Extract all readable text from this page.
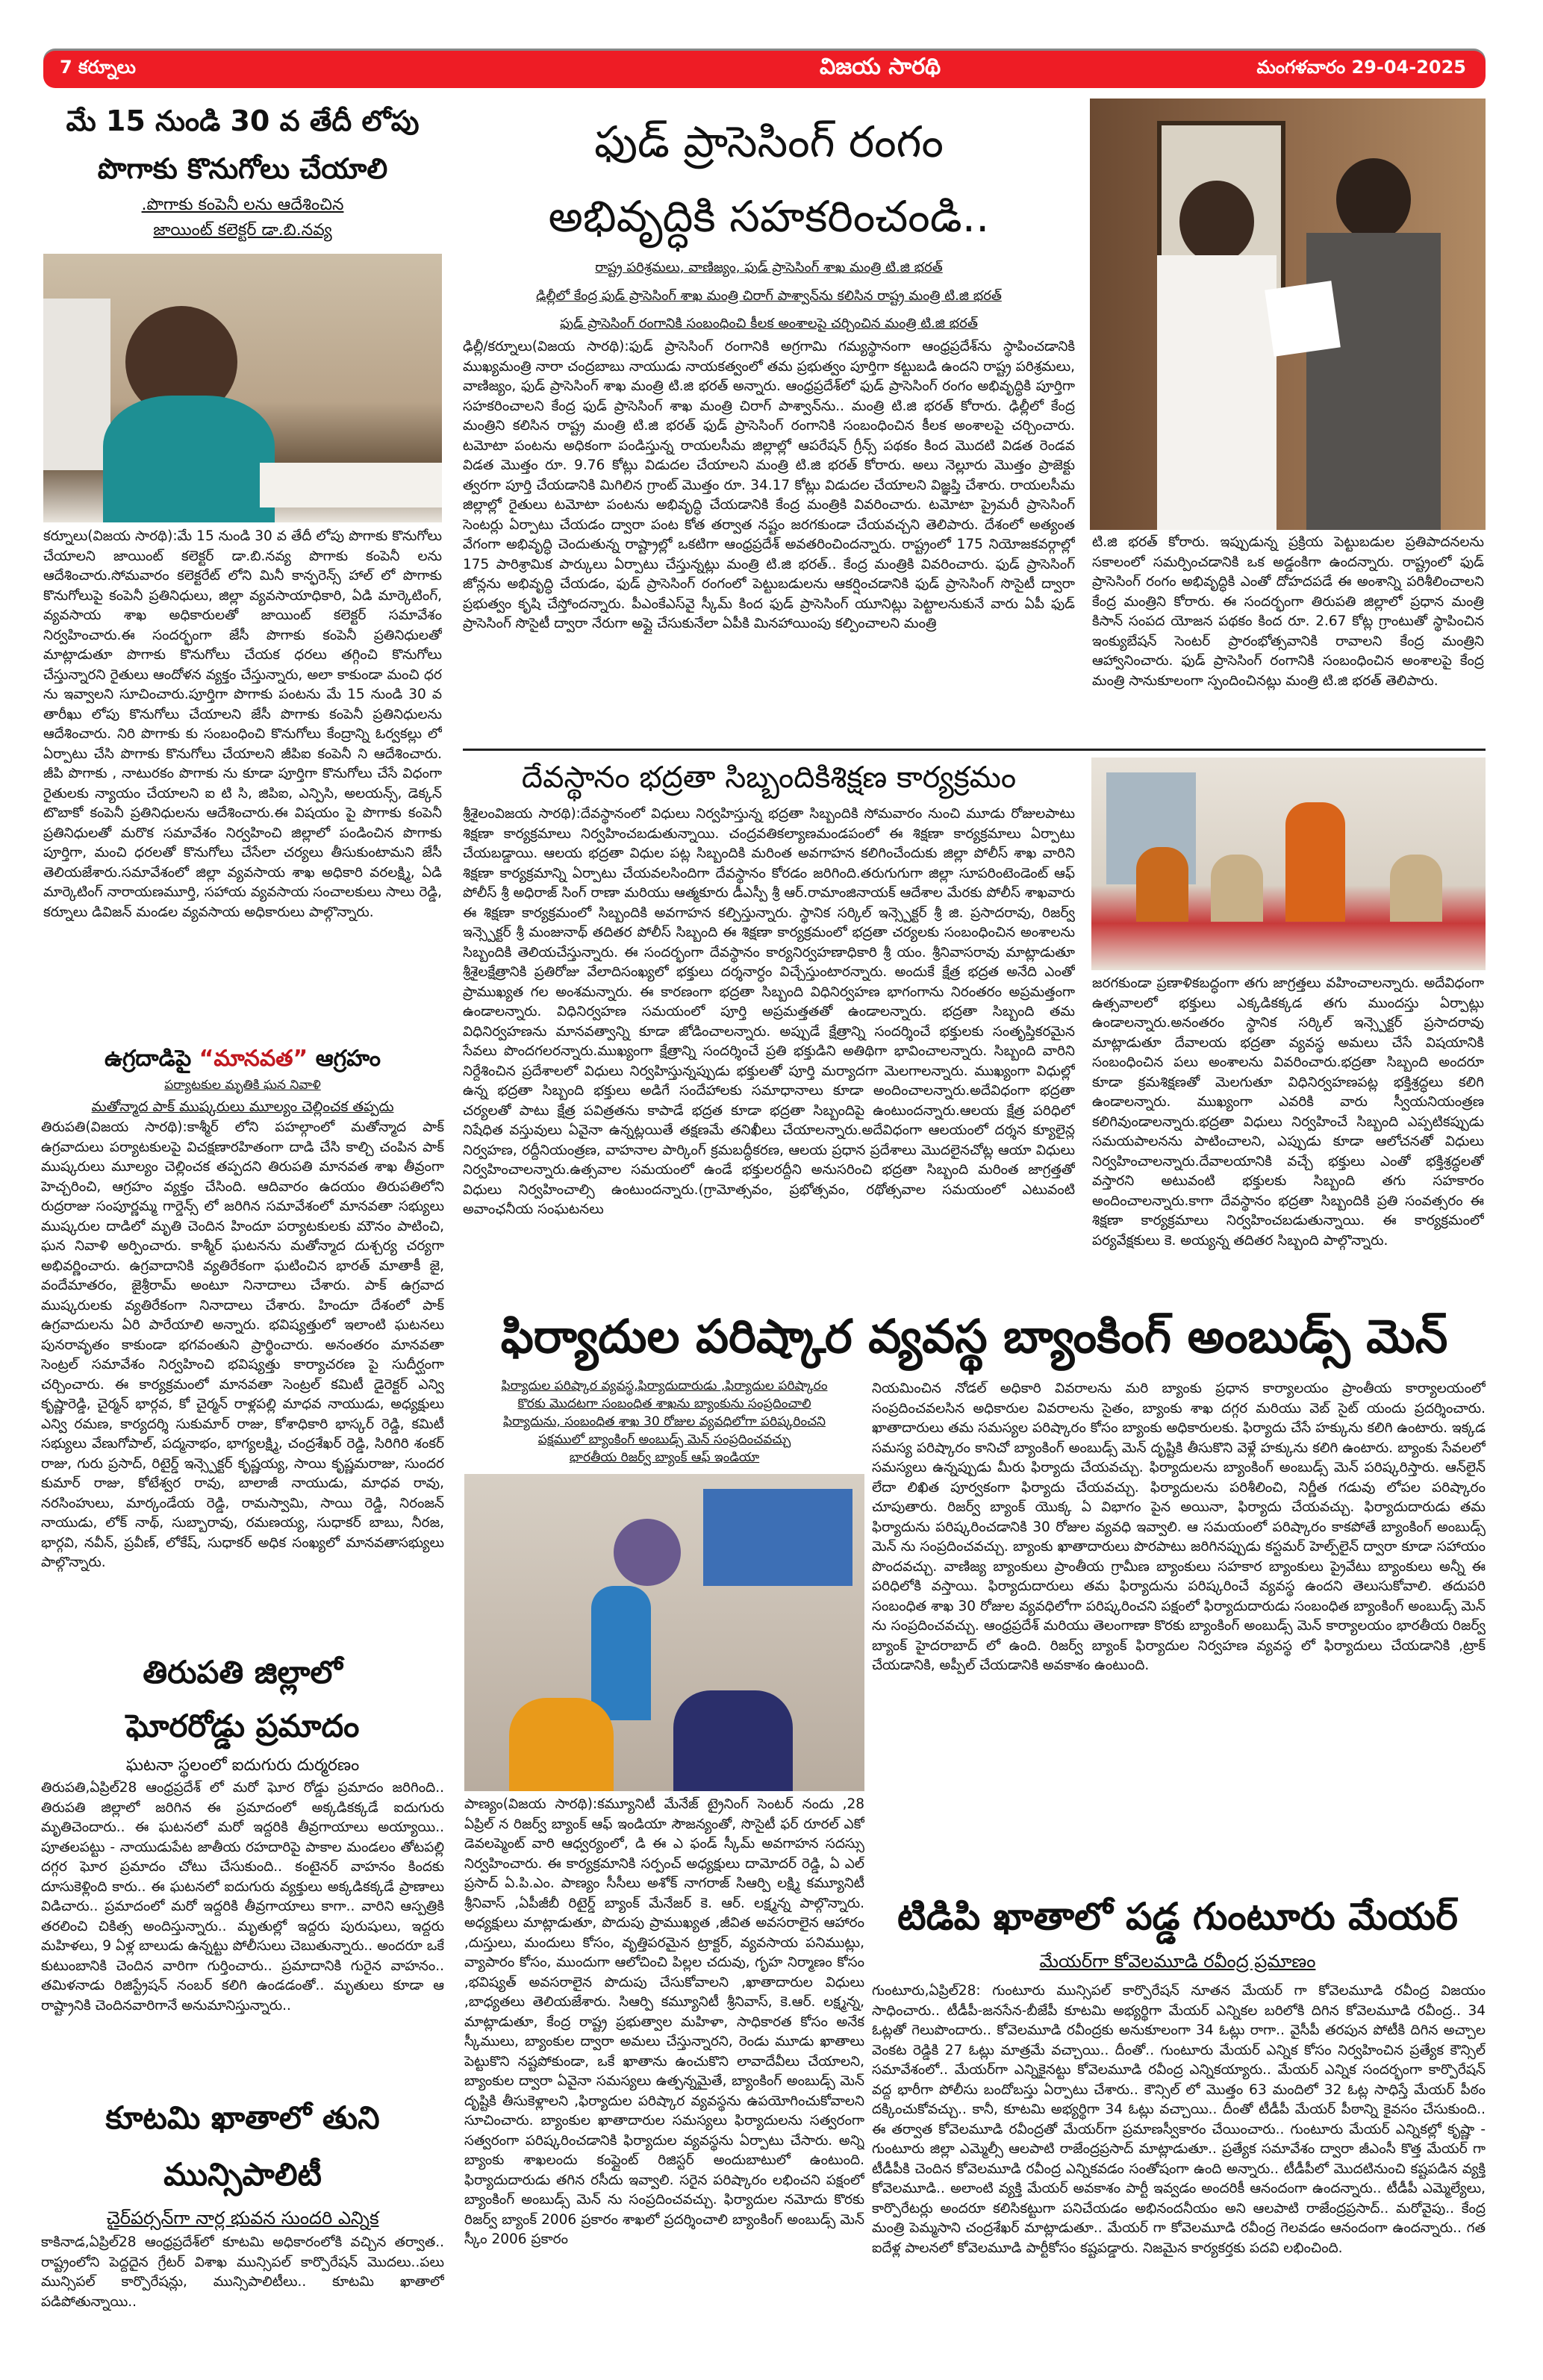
7 కర్నూలు	విజయ సారథి	మంగళవారం 29-04-2025
మే 15 నుండి 30 వ తేదీ లోపు
పొగాకు కొనుగోలు చేయాలి
.పొగాకు కంపెనీ లను ఆదేశించిన
జాయింట్ కలెక్టర్ డా.బి.నవ్య
కర్నూలు(విజయ సారథి):మే 15 నుండి 30 వ తేదీ లోపు పొగాకు కొనుగోలు చేయాలని జాయింట్ కలెక్టర్ డా.బి.నవ్య పొగాకు కంపెనీ లను ఆదేశించారు.సోమవారం కలెక్టరేట్ లోని మినీ కాన్ఫరెన్స్ హాల్ లో పొగాకు కొనుగోలుపై కంపెనీ ప్రతినిధులు, జిల్లా వ్యవసాయాధికారి, ఏడి మార్కెటింగ్, వ్యవసాయ శాఖ అధికారులతో జాయింట్ కలెక్టర్ సమావేశం నిర్వహించారు.ఈ సందర్భంగా జేసీ పొగాకు కంపెనీ ప్రతినిధులతో మాట్లాడుతూ పొగాకు కొనుగోలు చేయక ధరలు తగ్గించి కొనుగోలు చేస్తున్నారని రైతులు ఆందోళన వ్యక్తం చేస్తున్నారు, అలా కాకుండా మంచి ధర ను ఇవ్వాలని సూచించారు.పూర్తిగా పొగాకు పంటను మే 15 నుండి 30 వ తారీఖు లోపు కొనుగోలు చేయాలని జేసీ పొగాకు కంపెనీ ప్రతినిధులను ఆదేశించారు. నిరి పొగాకు కు సంబంధించి కొనుగోలు కేంద్రాన్ని ఓర్వకల్లు లో ఏర్పాటు చేసి పొగాకు కొనుగోలు చేయాలని జీపిఐ కంపెనీ ని ఆదేశించారు. జీపి పొగాకు , నాటురకం పొగాకు ను కూడా పూర్తిగా కొనుగోలు చేసే విధంగా రైతులకు న్యాయం చేయాలని ఐ టి సి, జిపిఐ, ఎన్పిసి, అలయన్స్, డెక్కన్ టొబాకో కంపెనీ ప్రతినిధులను ఆదేశించారు.ఈ విషయం పై పొగాకు కంపెనీ ప్రతినిధులతో మరొక సమావేశం నిర్వహించి జిల్లాలో పండించిన పొగాకు పూర్తిగా, మంచి ధరలతో కొనుగోలు చేసేలా చర్యలు తీసుకుంటామని జేసీ తెలియజేశారు.సమావేశంలో జిల్లా వ్యవసాయ శాఖ అధికారి వరలక్ష్మి, ఏడి మార్కెటింగ్ నారాయణమూర్తి, సహాయ వ్యవసాయ సంచాలకులు సాలు రెడ్డి, కర్నూలు డివిజన్ మండల వ్యవసాయ అధికారులు పాల్గొన్నారు.
ఉగ్రదాడిపై “మానవత” ఆగ్రహం
పర్యాటకుల మృతికి ఘన నివాళి
మతోన్మాద పాక్ ముష్కరులు మూల్యం చెల్లించక తప్పదు
తిరుపతి(విజయ సారథి):కాశ్మీర్ లోని పహల్గాంలో మతోన్మాద పాక్ ఉగ్రవాదులు పర్యాటకులపై విచక్షణారహితంగా దాడి చేసి కాల్చి చంపిన పాక్ ముష్కరులు మూల్యం చెల్లించక తప్పదని తిరుపతి మానవత శాఖ తీవ్రంగా హెచ్చరించి, ఆగ్రహం వ్యక్తం చేసింది. ఆదివారం ఉదయం తిరుపతిలోని రుద్రరాజు సంపూర్ణమ్మ గార్డెన్స్ లో జరిగిన సమావేశంలో మానవతా సభ్యులు ముష్కరుల దాడిలో మృతి చెందిన హిందూ పర్యాటకులకు మౌనం పాటించి, ఘన నివాళి అర్పించారు. కాశ్మీర్ ఘటనను మతోన్మాద దుశ్చర్య చర్యగా అభివర్ణించారు. ఉగ్రవాదానికి వ్యతిరేకంగా ఘటించిన భారత్ మాతాకీ జై, వందేమాతరం, జైశ్రీరామ్ అంటూ నినాదాలు చేశారు. పాక్ ఉగ్రవాద ముష్కరులకు వ్యతిరేకంగా నినాదాలు చేశారు. హిందూ దేశంలో పాక్ ఉగ్రవాదులను ఏరి పారేయాలి అన్నారు. భవిష్యత్తులో ఇలాంటి ఘటనలు పునరావృతం కాకుండా భగవంతుని ప్రార్థించారు. అనంతరం మానవతా సెంట్రల్ సమావేశం నిర్వహించి భవిష్యత్తు కార్యాచరణ పై సుదీర్ఘంగా చర్చించారు. ఈ కార్యక్రమంలో మానవతా సెంట్రల్ కమిటీ డైరెక్టర్ ఎన్వి కృష్ణారెడ్డి, చైర్మన్ భార్గవ, కో చైర్మన్ రాళ్లపల్లి మాధవ నాయుడు, అధ్యక్షులు ఎన్వి రమణ, కార్యదర్శి సుకుమార్ రాజు, కోశాధికారి భాస్కర్ రెడ్డి, కమిటీ సభ్యులు వేణుగోపాల్, పద్మనాభం, భాగ్యలక్ష్మి, చంద్రశేఖర్ రెడ్డి, సిరిగిరి శంకర్ రాజు, గురు ప్రసాద్, రిటైర్డ్ ఇన్స్పెక్టర్ కృష్ణయ్య, సాయి కృష్ణమరాజు, సుందర కుమార్ రాజు, కోటేశ్వర రావు, బాలాజీ నాయుడు, మాధవ రావు, నరసింహులు, మార్కండేయ రెడ్డి, రామస్వామి, సాయి రెడ్డి, నిరంజన్ నాయుడు, లోక్ నాథ్, సుబ్బారావు, రమణయ్య, సుధాకర్ బాబు, నీరజ, భార్గవి, నవీన్, ప్రవీణ్, లోకేష్, సుధాకర్ అధిక సంఖ్యలో మానవతాసభ్యులు పాల్గొన్నారు.
తిరుపతి జిల్లాలో
ఘోరరోడ్డు ప్రమాదం
ఘటనా స్థలంలో ఐదుగురు దుర్మరణం
తిరుపతి,ఏప్రిల్28 ఆంధ్రప్రదేశ్ లో మరో ఘోర రోడ్డు ప్రమాదం జరిగింది.. తిరుపతి జిల్లాలో జరిగిన ఈ ప్రమాదంలో అక్కడికక్కడే ఐదుగురు మృతిచెందారు.. ఈ ఘటనలో మరో ఇద్దరికి తీవ్రగాయాలు అయ్యాయి.. పూతలపట్టు - నాయుడుపేట జాతీయ రహదారిపై పాకాల మండలం తోటపల్లి దగ్గర ఘోర ప్రమాదం చోటు చేసుకుంది.. కంటైనర్ వాహనం కిందకు దూసుకెళ్లింది కారు.. ఈ ఘటనలో ఐదుగురు వ్యక్తులు అక్కడికక్కడే ప్రాణాలు విడిచారు.. ప్రమాదంలో మరో ఇద్దరికి తీవ్రగాయాలు కాగా.. వారిని ఆస్పత్రికి తరలించి చికిత్స అందిస్తున్నారు.. మృతుల్లో ఇద్దరు పురుషులు, ఇద్దరు మహిళలు, 9 ఏళ్ల బాలుడు ఉన్నట్టు పోలీసులు చెబుతున్నారు.. అందరూ ఒకే కుటుంబానికి చెందిన వారిగా గుర్తించారు.. ప్రమాదానికి గురైన వాహనం.. తమిళనాడు రిజిస్ట్రేషన్ నంబర్ కలిగి ఉండడంతో.. మృతులు కూడా ఆ రాష్ట్రానికి చెందినవారిగానే అనుమానిస్తున్నారు..
కూటమి ఖాతాలో తుని
మున్సిపాలిటీ
చైర్‌పర్సన్‌గా నార్ల భువన సుందరి ఎన్నిక
కాకినాడ,ఏప్రిల్28 ఆంధ్రప్రదేశ్‌లో కూటమి అధికారంలోకి వచ్చిన తర్వాత.. రాష్ట్రంలోని పెద్దదైన గ్రేటర్ విశాఖ మున్సిపల్ కార్పొరేషన్ మొదలు..పలు మున్సిపల్ కార్పొరేషన్లు, మున్సిపాలిటీలు.. కూటమి ఖాతాలో పడిపోతున్నాయి..
ఫుడ్ ప్రాసెసింగ్ రంగం
అభివృద్ధికి సహకరించండి..
రాష్ట్ర పరిశ్రమలు, వాణిజ్యం, ఫుడ్ ప్రాసెసింగ్ శాఖ మంత్రి టి.జి భరత్
ఢిల్లీలో కేంద్ర ఫుడ్ ప్రాసెసింగ్ శాఖ మంత్రి చిరాగ్ పాశ్వాన్‌ను కలిసిన రాష్ట్ర మంత్రి టి.జి భరత్
ఫుడ్ ప్రాసెసింగ్ రంగానికి సంబంధించి కీలక అంశాలపై చర్చించిన మంత్రి టి.జి భరత్
ఢిల్లీ/కర్నూలు(విజయ సారథి):ఫుడ్ ప్రాసెసింగ్ రంగానికి అగ్రగామి గమ్యస్థానంగా ఆంధ్రప్రదేశ్‌ను స్థాపించడానికి ముఖ్యమంత్రి నారా చంద్రబాబు నాయుడు నాయకత్వంలో తమ ప్రభుత్వం పూర్తిగా కట్టుబడి ఉందని రాష్ట్ర పరిశ్రమలు, వాణిజ్యం, ఫుడ్ ప్రాసెసింగ్ శాఖ మంత్రి టి.జి భరత్ అన్నారు. ఆంధ్రప్రదేశ్‌లో ఫుడ్ ప్రాసెసింగ్ రంగం అభివృద్ధికి పూర్తిగా సహకరించాలని కేంద్ర ఫుడ్ ప్రాసెసింగ్ శాఖ మంత్రి చిరాగ్ పాశ్వాన్‌ను.. మంత్రి టి.జి భరత్ కోరారు. ఢిల్లీలో కేంద్ర మంత్రిని కలిసిన రాష్ట్ర మంత్రి టి.జి భరత్ ఫుడ్ ప్రాసెసింగ్ రంగానికి సంబంధించిన కీలక అంశాలపై చర్చించారు. టమోటా పంటను అధికంగా పండిస్తున్న రాయలసీమ జిల్లాల్లో ఆపరేషన్ గ్రీన్స్ పథకం కింద మొదటి విడత రెండవ విడత మొత్తం రూ. 9.76 కోట్లు విడుదల చేయాలని మంత్రి టి.జి భరత్ కోరారు. అలు నెల్లూరు మొత్తం ప్రాజెక్టు త్వరగా పూర్తి చేయడానికి మిగిలిన గ్రాంట్ మొత్తం రూ. 34.17 కోట్లు విడుదల చేయాలని విజ్ఞప్తి చేశారు. రాయలసీమ జిల్లాల్లో రైతులు టమోటా పంటను అభివృద్ధి చేయడానికి కేంద్ర మంత్రికి వివరించారు. టమోటా ప్రైమరీ ప్రాసెసింగ్ సెంటర్లు ఏర్పాటు చేయడం ద్వారా పంట కోత తర్వాత నష్టం జరగకుండా చేయవచ్చని తెలిపారు. దేశంలో అత్యంత వేగంగా అభివృద్ధి చెందుతున్న రాష్ట్రాల్లో ఒకటిగా ఆంధ్రప్రదేశ్ అవతరించిందన్నారు. రాష్ట్రంలో 175 నియోజకవర్గాల్లో 175 పారిశ్రామిక పార్కులు ఏర్పాటు చేస్తున్నట్లు మంత్రి టి.జి భరత్.. కేంద్ర మంత్రికి వివరించారు. ఫుడ్ ప్రాసెసింగ్ జోన్లను అభివృద్ధి చేయడం, ఫుడ్ ప్రాసెసింగ్ రంగంలో పెట్టుబడులను ఆకర్షించడానికి ఫుడ్ ప్రాసెసింగ్ సొసైటీ ద్వారా ప్రభుత్వం కృషి చేస్తోందన్నారు. పీఎంకేఎస్‌వై స్కీమ్ కింద ఫుడ్ ప్రాసెసింగ్ యూనిట్లు పెట్టాలనుకునే వారు ఏపీ ఫుడ్ ప్రాసెసింగ్ సొసైటీ ద్వారా నేరుగా అప్లై చేసుకునేలా ఏపీకి మినహాయింపు కల్పించాలని మంత్రి
టి.జి భరత్ కోరారు. ఇప్పుడున్న ప్రక్రియ పెట్టుబడుల ప్రతిపాదనలను సకాలంలో సమర్పించడానికి ఒక అడ్డంకిగా ఉందన్నారు. రాష్ట్రంలో ఫుడ్ ప్రాసెసింగ్ రంగం అభివృద్ధికి ఎంతో దోహదపడే ఈ అంశాన్ని పరిశీలించాలని కేంద్ర మంత్రిని కోరారు. ఈ సందర్భంగా తిరుపతి జిల్లాలో ప్రధాన మంత్రి కిసాన్ సంపద యోజన పథకం కింద రూ. 2.67 కోట్ల గ్రాంటుతో స్థాపించిన ఇంక్యుబేషన్ సెంటర్ ప్రారంభోత్సవానికి రావాలని కేంద్ర మంత్రిని ఆహ్వానించారు. ఫుడ్ ప్రాసెసింగ్ రంగానికి సంబంధించిన అంశాలపై కేంద్ర మంత్రి సానుకూలంగా స్పందించినట్లు మంత్రి టి.జి భరత్ తెలిపారు.
దేవస్థానం భద్రతా సిబ్బందికిశిక్షణ కార్యక్రమం
శ్రీశైలంవిజయ సారథి):దేవస్థానంలో విధులు నిర్వహిస్తున్న భద్రతా సిబ్బందికి సోమవారం నుంచి మూడు రోజులపాటు శిక్షణా కార్యక్రమాలు నిర్వహించబడుతున్నాయి. చంద్రవతికల్యాణమండపంలో ఈ శిక్షణా కార్యక్రమాలు ఏర్పాటు చేయబడ్డాయి. ఆలయ భద్రతా విధుల పట్ల సిబ్బందికి మరింత అవగాహన కలిగించేందుకు జిల్లా పోలీస్ శాఖ వారిని శిక్షణా కార్యక్రమాన్ని ఏర్పాటు చేయవలసిందిగా దేవస్థానం కోరడం జరిగింది.తరుగుగుగా జిల్లా సూపరింటెండెంట్ ఆఫ్ పోలీస్ శ్రీ అధిరాజ్ సింగ్ రాణా మరియు ఆత్మకూరు డీఎస్పీ శ్రీ ఆర్.రామాంజినాయక్ ఆదేశాల మేరకు పోలీస్ శాఖవారు ఈ శిక్షణా కార్యక్రమంలో సిబ్బందికి అవగాహన కల్పిస్తున్నారు. స్థానిక సర్కిల్ ఇన్స్పెక్టర్ శ్రీ జి. ప్రసాదరావు, రిజర్వ్ ఇన్స్పెక్టర్ శ్రీ మంజునాథ్ తదితర పోలీస్ సిబ్బంది ఈ శిక్షణా కార్యక్రమంలో భద్రతా చర్యలకు సంబంధించిన అంశాలను సిబ్బందికి తెలియచేస్తున్నారు. ఈ సందర్భంగా దేవస్థానం కార్యనిర్వహణాధికారి శ్రీ యం. శ్రీనివాసరావు మాట్లాడుతూ శ్రీశైలక్షేత్రానికి ప్రతిరోజు వేలాదిసంఖ్యలో భక్తులు దర్శనార్ధం విచ్చేస్తుంటారన్నారు. అందుకే క్షేత్ర భద్రత అనేది ఎంతో ప్రాముఖ్యత గల అంశమన్నారు. ఈ కారణంగా భద్రతా సిబ్బంది విధినిర్వహణ భాగంగాను నిరంతరం అప్రమత్తంగా ఉండాలన్నారు. విధినిర్వహణ సమయంలో పూర్తి అప్రమత్తతతో ఉండాలన్నారు. భద్రతా సిబ్బంది తమ విధినిర్వహణను మానవత్వాన్ని కూడా జోడించాలన్నారు. అప్పుడే క్షేత్రాన్ని సందర్శించే భక్తులకు సంతృప్తికరమైన సేవలు పొందగలరన్నారు.ముఖ్యంగా క్షేత్రాన్ని సందర్శించే ప్రతి భక్తుడిని అతిథిగా భావించాలన్నారు. సిబ్బంది వారిని నిర్దేశించిన ప్రదేశాలలో విధులు నిర్వహిస్తున్నప్పుడు భక్తులతో పూర్తి మర్యాదగా మెలగాలన్నారు. ముఖ్యంగా విధుల్లో ఉన్న భద్రతా సిబ్బంది భక్తులు అడిగే సందేహాలకు సమాధానాలు కూడా అందించాలన్నారు.అదేవిధంగా భద్రతా చర్యలతో పాటు క్షేత్ర పవిత్రతను కాపాడే భద్రత కూడా భద్రతా సిబ్బందిపై ఉంటుందన్నారు.ఆలయ క్షేత్ర పరిధిలో నిషేధిత వస్తువులు ఏవైనా ఉన్నట్లయితే తక్షణమే తనిఖీలు చేయాలన్నారు.అదేవిధంగా ఆలయంలో దర్శన క్యూలైన్ల నిర్వహణ, రద్దీనియంత్రణ, వాహనాల పార్కింగ్ క్రమబద్ధీకరణ, ఆలయ ప్రధాన ప్రదేశాలు మొదలైనచోట్ల ఆయా విధులు నిర్వహించాలన్నారు.ఉత్సవాల సమయంలో ఉండే భక్తులరద్దీని అనుసరించి భద్రతా సిబ్బంది మరింత జాగ్రత్తతో విధులు నిర్వహించాల్సి ఉంటుందన్నారు.(గ్రామోత్సవం, ప్రభోత్సవం, రథోత్సవాల సమయంలో ఎటువంటి అవాంఛనీయ సంఘటనలు
జరగకుండా ప్రణాళికబద్ధంగా తగు జాగ్రత్తలు వహించాలన్నారు. అదేవిధంగా ఉత్సవాలలో భక్తులు ఎక్కడికక్కడ తగు ముందస్తు ఏర్పాట్లు ఉండాలన్నారు.అనంతరం స్థానిక సర్కిల్ ఇన్స్పెక్టర్ ప్రసాదరావు మాట్లాడుతూ దేవాలయ భద్రతా వ్యవస్థ అమలు చేసే విషయానికి సంబంధించిన పలు అంశాలను వివరించారు.భద్రతా సిబ్బంది అందరూ కూడా క్రమశిక్షణతో మెలగుతూ విధినిర్వహణపట్ల భక్తిశ్రద్ధలు కలిగి ఉండాలన్నారు. ముఖ్యంగా ఎవరికి వారు స్వీయనియంత్రణ కలిగివుండాలన్నారు.భద్రతా విధులు నిర్వహించే సిబ్బంది ఎప్పటికప్పుడు సమయపాలనను పాటించాలని, ఎప్పుడు కూడా ఆలోచనతో విధులు నిర్వహించాలన్నారు.దేవాలయానికి వచ్చే భక్తులు ఎంతో భక్తిశ్రద్ధలతో వస్తారని అటువంటి భక్తులకు సిబ్బంది తగు సహకారం అందించాలన్నారు.కాగా దేవస్థానం భద్రతా సిబ్బందికి ప్రతి సంవత్సరం ఈ శిక్షణా కార్యక్రమాలు నిర్వహించబడుతున్నాయి. ఈ కార్యక్రమంలో పర్యవేక్షకులు కె. అయ్యన్న తదితర సిబ్బంది పాల్గొన్నారు.
ఫిర్యాదుల పరిష్కార వ్యవస్థ బ్యాంకింగ్ అంబుడ్స్ మెన్
ఫిర్యాదుల పరిష్కార వ్యవస్థ,ఫిర్యాదుదారుడు ,ఫిర్యాదుల పరిష్కారం
కొరకు మొదటగా సంబంధిత శాఖను బ్యాంకును సంప్రదించాలి
ఫిర్యాదును, సంబంధిత శాఖ 30 రోజుల వ్యవధిలోగా పరిష్కరించని
పక్షములో బ్యాంకింగ్ అంబుడ్స్ మెన్ సంప్రదించవచ్చు
భారతీయ రిజర్వ్ బ్యాంక్ ఆఫ్ ఇండియా
పాణ్యం(విజయ సారథి):కమ్యూనిటీ మేనేజ్ ట్రైనింగ్ సెంటర్ నందు ,28 ఏప్రిల్ న రిజర్వ్ బ్యాంక్ ఆఫ్ ఇండియా సౌజన్యంతో, సొసైటీ ఫర్ రూరల్ ఎకో డెవలప్మెంట్ వారి ఆధ్వర్యంలో, డి ఈ ఎ ఫండ్ స్కీమ్ అవగాహన సదస్సు నిర్వహించారు. ఈ కార్యక్రమానికి సర్పంచ్ అధ్యక్షులు దామోదర్ రెడ్డి, ఏ ఎల్ ప్రసాద్ ఏ.పి.ఎం. పాణ్యం సీసీలు అశోక్ నాగరాజ్ సిఆర్పి లక్ష్మి కమ్యూనిటీ శ్రీనివాస్ ,ఏపీజీబీ రిటైర్డ్ బ్యాంక్ మేనేజర్ కె. ఆర్. లక్ష్మన్న పాల్గొన్నారు. అధ్యక్షులు మాట్లాడుతూ, పొదుపు ప్రాముఖ్యత ,జీవిత అవసరాలైన ఆహారం ,దుస్తులు, మందులు కోసం, వృత్తిపరమైన ట్రాక్టర్, వ్యవసాయ పనిముట్లు, వ్యాపారం కోసం, ముందుగా ఆలోచించి పిల్లల చదువు, గృహ నిర్మాణం కోసం ,భవిష్యత్ అవసరాలైన పొదుపు చేసుకోవాలని ,ఖాతాదారుల విధులు ,బాధ్యతలు తెలియజేశారు. సిఆర్పి కమ్యూనిటీ శ్రీనివాస్, కె.ఆర్. లక్ష్మన్న, మాట్లాడుతూ, కేంద్ర రాష్ట్ర ప్రభుత్వాల మహిళా, సాధికారత కోసం అనేక స్కీములు, బ్యాంకుల ద్వారా అమలు చేస్తున్నారని, రెండు మూడు ఖాతాలు పెట్టుకొని నష్టపోకుండా, ఒకే ఖాతాను ఉంచుకొని లావాదేవీలు చేయాలని, బ్యాంకుల ద్వారా ఏవైనా సమస్యలు ఉత్పన్నమైతే, బ్యాంకింగ్ అంబుడ్స్ మెన్ దృష్టికి తీసుకెళ్లాలని ,ఫిర్యాదుల పరిష్కార వ్యవస్థను ఉపయోగించుకోవాలని సూచించారు. బ్యాంకుల ఖాతాదారుల సమస్యలు ఫిర్యాదులను సత్వరంగా సత్వరంగా పరిష్కరించడానికి ఫిర్యాదుల వ్యవస్థను ఏర్పాటు చేసారు. అన్ని బ్యాంకు శాఖలందు కంప్లైంట్ రిజిస్టర్ అందుబాటులో ఉంటుంది. ఫిర్యాదుదారుడు తగిన రసీదు ఇవ్వాలి. సరైన పరిష్కారం లభించని పక్షంలో బ్యాంకింగ్ అంబుడ్స్ మెన్ ను సంప్రదించవచ్చు. ఫిర్యాదుల నమోదు కొరకు రిజర్వ్ బ్యాంక్ 2006 ప్రకారం శాఖలో ప్రదర్శించాలి బ్యాంకింగ్ అంబుడ్స్ మెన్ స్కీం 2006 ప్రకారం
నియమించిన నోడల్ అధికారి వివరాలను మరి బ్యాంకు ప్రధాన కార్యాలయం ప్రాంతీయ కార్యాలయంలో సంప్రదించవలసిన అధికారుల వివరాలను సైతం, బ్యాంకు శాఖ దగ్గర మరియు వెబ్ సైట్ యందు ప్రదర్శించారు. ఖాతాదారులు తమ సమస్యల పరిష్కారం కోసం బ్యాంకు అధికారులకు. ఫిర్యాదు చేసే హక్కును కలిగి ఉంటారు. ఇక్కడ సమస్య పరిష్కారం కానిచో బ్యాంకింగ్ అంబుడ్స్ మెన్ దృష్టికి తీసుకొని వెళ్లే హక్కును కలిగి ఉంటారు. బ్యాంకు సేవలలో సమస్యలు ఉన్నప్పుడు మీరు ఫిర్యాదు చేయవచ్చు. ఫిర్యాదులను బ్యాంకింగ్ అంబుడ్స్ మెన్ పరిష్కరిస్తారు. ఆన్‌లైన్ లేదా లిఖిత పూర్వకంగా ఫిర్యాదు చేయవచ్చు. ఫిర్యాదులను పరిశీలించి, నిర్ణీత గడువు లోపల పరిష్కారం చూపుతారు. రిజర్వ్ బ్యాంక్ యొక్క ఏ విభాగం పైన అయినా, ఫిర్యాదు చేయవచ్చు. ఫిర్యాదుదారుడు తమ ఫిర్యాదును పరిష్కరించడానికి 30 రోజుల వ్యవధి ఇవ్వాలి. ఆ సమయంలో పరిష్కారం కాకపోతే బ్యాంకింగ్ అంబుడ్స్ మెన్ ను సంప్రదించవచ్చు. బ్యాంకు ఖాతాదారులు పొరపాటు జరిగినప్పుడు కస్టమర్ హెల్ప్‌లైన్ ద్వారా కూడా సహాయం పొందవచ్చు. వాణిజ్య బ్యాంకులు ప్రాంతీయ గ్రామీణ బ్యాంకులు సహకార బ్యాంకులు ప్రైవేటు బ్యాంకులు అన్నీ ఈ పరిధిలోకి వస్తాయి. ఫిర్యాదుదారులు తమ ఫిర్యాదును పరిష్కరించే వ్యవస్థ ఉందని తెలుసుకోవాలి. తదుపరి సంబంధిత శాఖ 30 రోజుల వ్యవధిలోగా పరిష్కరించని పక్షంలో ఫిర్యాదుదారుడు సంబంధిత బ్యాంకింగ్ అంబుడ్స్ మెన్ ను సంప్రదించవచ్చు. ఆంధ్రప్రదేశ్ మరియు తెలంగాణా కొరకు బ్యాంకింగ్ అంబుడ్స్ మెన్ కార్యాలయం భారతీయ రిజర్వ్ బ్యాంక్ హైదరాబాద్ లో ఉంది. రిజర్వ్ బ్యాంక్ ఫిర్యాదుల నిర్వహణ వ్యవస్థ లో ఫిర్యాదులు చేయడానికి ,ట్రాక్ చేయడానికి, అప్పీల్ చేయడానికి అవకాశం ఉంటుంది.
టిడిపి ఖాతాలో పడ్డ గుంటూరు మేయర్
మేయర్‌గా కోవెలమూడి రవీంద్ర ప్రమాణం
గుంటూరు,ఏప్రిల్28: గుంటూరు మున్సిపల్ కార్పొరేషన్ నూతన మేయర్ గా కోవెలమూడి రవీంద్ర విజయం సాధించారు.. టీడీపీ-జనసేన-బీజేపీ కూటమి అభ్యర్థిగా మేయర్ ఎన్నికల బరిలోకి దిగిన కోవెలమూడి రవీంద్ర.. 34 ఓట్లతో గెలుపొందారు.. కోవెలమూడి రవీంద్రకు అనుకూలంగా 34 ఓట్లు రాగా.. వైసీపీ తరపున పోటీకి దిగిన అచ్చాల వెంకట రెడ్డికి 27 ఓట్లు మాత్రమే వచ్చాయి.. దీంతో.. గుంటూరు మేయర్ ఎన్నిక కోసం నిర్వహించిన ప్రత్యేక కౌన్సిల్ సమావేశంలో.. మేయర్‌గా ఎన్నికైనట్టు కోవెలమూడి రవీంద్ర ఎన్నికయ్యారు.. మేయర్ ఎన్నిక సందర్భంగా కార్పొరేషన్ వద్ద భారీగా పోలీసు బందోబస్తు ఏర్పాటు చేశారు.. కౌన్సిల్ లో మొత్తం 63 మందిలో 32 ఓట్ల సాధిస్తే మేయర్ పీఠం దక్కించుకోవచ్చు.. కానీ, కూటమి అభ్యర్థిగా 34 ఓట్లు వచ్చాయి.. దీంతో టీడీపీ మేయర్ పీఠాన్ని కైవసం చేసుకుంది.. ఈ తర్వాత కోవెలమూడి రవీంద్రతో మేయర్‌గా ప్రమాణస్వీకారం చేయించారు.. గుంటూరు మేయర్ ఎన్నికల్లో కృష్ణా - గుంటూరు జిల్లా ఎమ్మెల్సీ ఆలపాటి రాజేంద్రప్రసాద్ మాట్లాడుతూ.. ప్రత్యేక సమావేశం ద్వారా జీఎంసీ కొత్త మేయర్ గా టీడీపీకి చెందిన కోవెలమూడి రవీంద్ర ఎన్నికవడం సంతోషంగా ఉంది అన్నారు.. టీడీపీలో మొదటినుంచి కష్టపడిన వ్యక్తి కోవెలమూడి.. అలాంటి వ్యక్తి మేయర్ అవకాశం పార్టీ ఇవ్వడం అందరికీ ఆనందంగా ఉందన్నారు.. టీడీపీ ఎమ్మెల్యేలు, కార్పొరేటర్లు అందరూ కలిసికట్టుగా పనిచేయడం అభినందనీయం అని ఆలపాటి రాజేంద్రప్రసాద్.. మరోవైపు.. కేంద్ర మంత్రి పెమ్మసాని చంద్రశేఖర్ మాట్లాడుతూ.. మేయర్ గా కోవెలమూడి రవీంద్ర గెలవడం ఆనందంగా ఉందన్నారు.. గత ఐదేళ్ల పాలనలో కోవెలమూడి పార్టీకోసం కష్టపడ్డారు. నిజమైన కార్యకర్తకు పదవి లభించింది.
